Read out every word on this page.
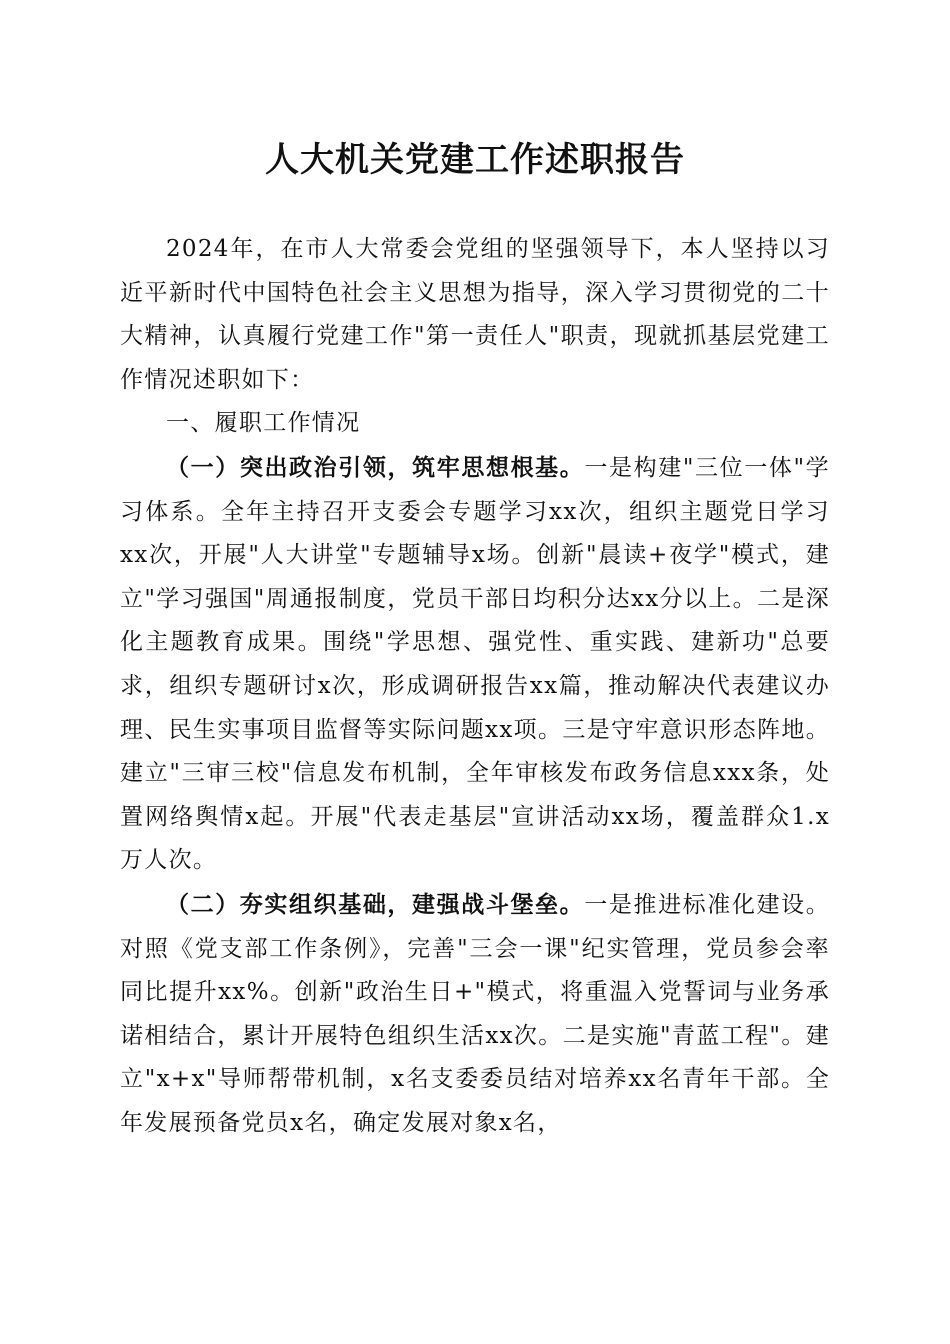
人大机关党建工作述职报告

2024年，在市人大常委会党组的坚强领导下，本人坚持以习近平新时代中国特色社会主义思想为指导，深入学习贯彻党的二十大精神，认真履行党建工作"第一责任人"职责，现就抓基层党建工作情况述职如下：

一、履职工作情况

（一）突出政治引领，筑牢思想根基。一是构建"三位一体"学习体系。全年主持召开支委会专题学习xx次，组织主题党日学习xx次，开展"人大讲堂"专题辅导x场。创新"晨读+夜学"模式，建立"学习强国"周通报制度，党员干部日均积分达xx分以上。二是深化主题教育成果。围绕"学思想、强党性、重实践、建新功"总要求，组织专题研讨x次，形成调研报告xx篇，推动解决代表建议办理、民生实事项目监督等实际问题xx项。三是守牢意识形态阵地。建立"三审三校"信息发布机制，全年审核发布政务信息xxx条，处置网络舆情x起。开展"代表走基层"宣讲活动xx场，覆盖群众1.x万人次。

（二）夯实组织基础，建强战斗堡垒。一是推进标准化建设。对照《党支部工作条例》，完善"三会一课"纪实管理，党员参会率同比提升xx%。创新"政治生日+"模式，将重温入党誓词与业务承诺相结合，累计开展特色组织生活xx次。二是实施"青蓝工程"。建立"x+x"导师帮带机制，x名支委委员结对培养xx名青年干部。全年发展预备党员x名，确定发展对象x名，
